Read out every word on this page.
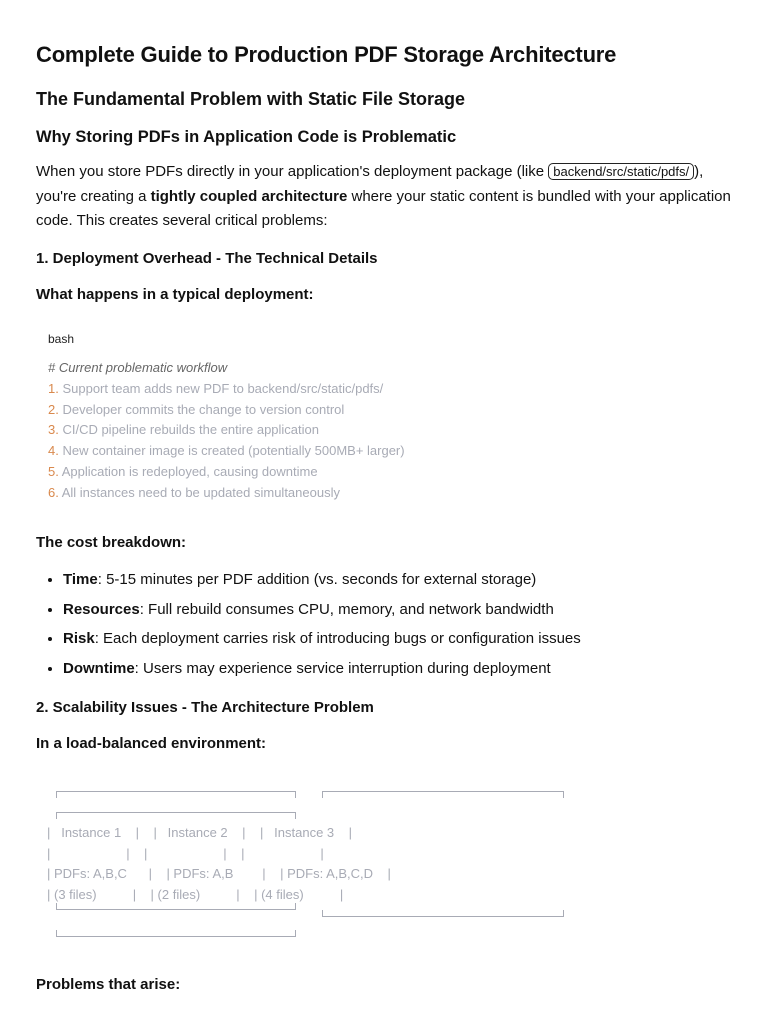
Complete Guide to Production PDF Storage Architecture
The Fundamental Problem with Static File Storage
Why Storing PDFs in Application Code is Problematic

When you store PDFs directly in your application's deployment package (like backend/src/static/pdfs/ ), you're creating a tightly coupled architecture where your static content is bundled with your application code. This creates several critical problems:

1. Deployment Overhead - The Technical Details
What happens in a typical deployment:
bash
# Current problematic workflow
1. Support team adds new PDF to backend/src/static/pdfs/
2. Developer commits the change to version control
3. CI/CD pipeline rebuilds the entire application
4. New container image is created (potentially 500MB+ larger)
5. Application is redeployed, causing downtime
6. All instances need to be updated simultaneously
The cost breakdown:
• Time: 5-15 minutes per PDF addition (vs. seconds for external storage)
• Resources: Full rebuild consumes CPU, memory, and network bandwidth
• Risk: Each deployment carries risk of introducing bugs or configuration issues
• Downtime: Users may experience service interruption during deployment
2. Scalability Issues - The Architecture Problem
In a load-balanced environment:
|   Instance 1    |    |   Instance 2    |    |   Instance 3    |
|                     |    |                     |    |                     |
| PDFs: A,B,C      |    | PDFs: A,B        |    | PDFs: A,B,C,D    |
| (3 files)          |    | (2 files)          |    | (4 files)          |
Problems that arise:
